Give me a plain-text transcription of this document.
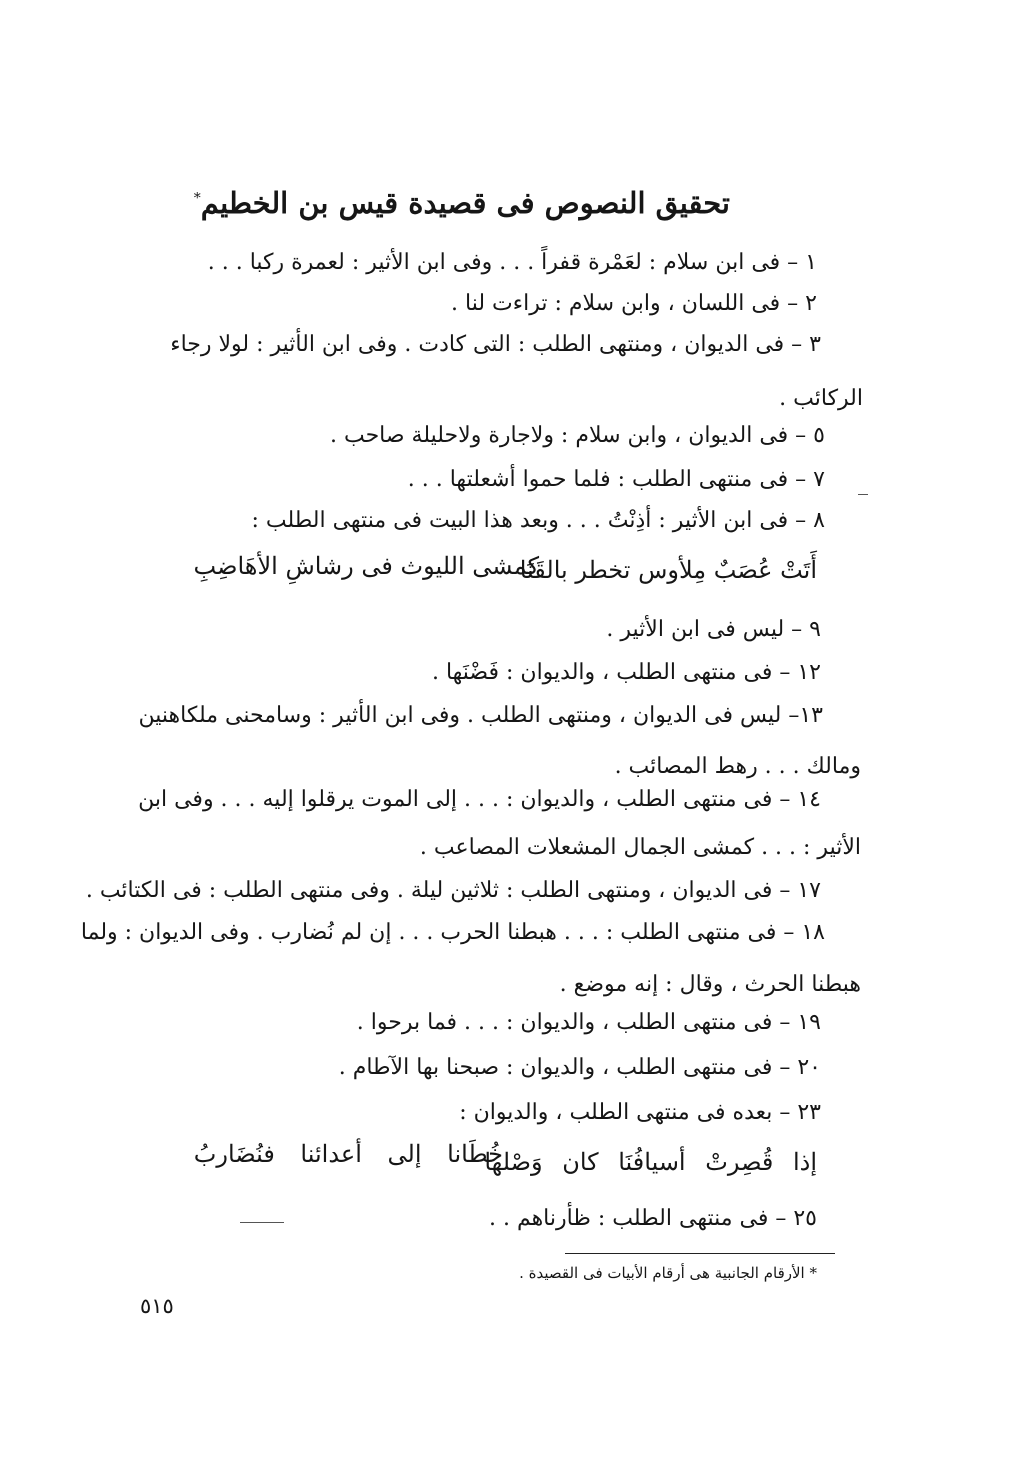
تحقيق النصوص فى قصيدة قيس بن الخطيم*
١ – فى ابن سلام : لعَمْرة قفراً . . . وفى ابن الأثير : لعمرة ركبا . . .
٢ – فى اللسان ، وابن سلام : تراءت لنا .
٣ – فى الديوان ، ومنتهى الطلب : التى كادت . وفى ابن الأثير : لولا رجاء
الركائب .
٥ – فى الديوان ، وابن سلام : ولاجارة ولاحليلة صاحب .
٧ – فى منتهى الطلب : فلما حموا أشعلتها . . .
٨ – فى ابن الأثير : أذِنْتُ . . . وبعد هذا البيت فى منتهى الطلب :
أَتَتْ عُصَبٌ مِلأوس تخطر بالقَنَا
كمشى الليوث فى رشاشِ الأهَاضِبِ
٩ – ليس فى ابن الأثير .
١٢ – فى منتهى الطلب ، والديوان : فَضْنَها .
١٣– ليس فى الديوان ، ومنتهى الطلب . وفى ابن الأثير : وسامحنى ملكاهنين
ومالك . . . رهط المصائب .
١٤ – فى منتهى الطلب ، والديوان : . . . إلى الموت يرقلوا إليه . . . وفى ابن
الأثير : . . . كمشى الجمال المشعلات المصاعب .
١٧ – فى الديوان ، ومنتهى الطلب : ثلاثين ليلة . وفى منتهى الطلب : فى الكتائب .
١٨ – فى منتهى الطلب : . . . هبطنا الحرب . . . إن لم نُضارب . وفى الديوان : ولما
هبطنا الحرث ، وقال : إنه موضع .
١٩ – فى منتهى الطلب ، والديوان : . . . فما برحوا .
٢٠ – فى منتهى الطلب ، والديوان : صبحنا بها الآطام .
٢٣ – بعده فى منتهى الطلب ، والديوان :
إذا قُصِرتْ أسيافُنَا كان وَصْلها
خُطَانا إلى أعدائنا فنُضَاربُ
٢٥ – فى منتهى الطلب : ظأرناهم . .
* الأرقام الجانبية هى أرقام الأبيات فى القصيدة .
٥١٥
